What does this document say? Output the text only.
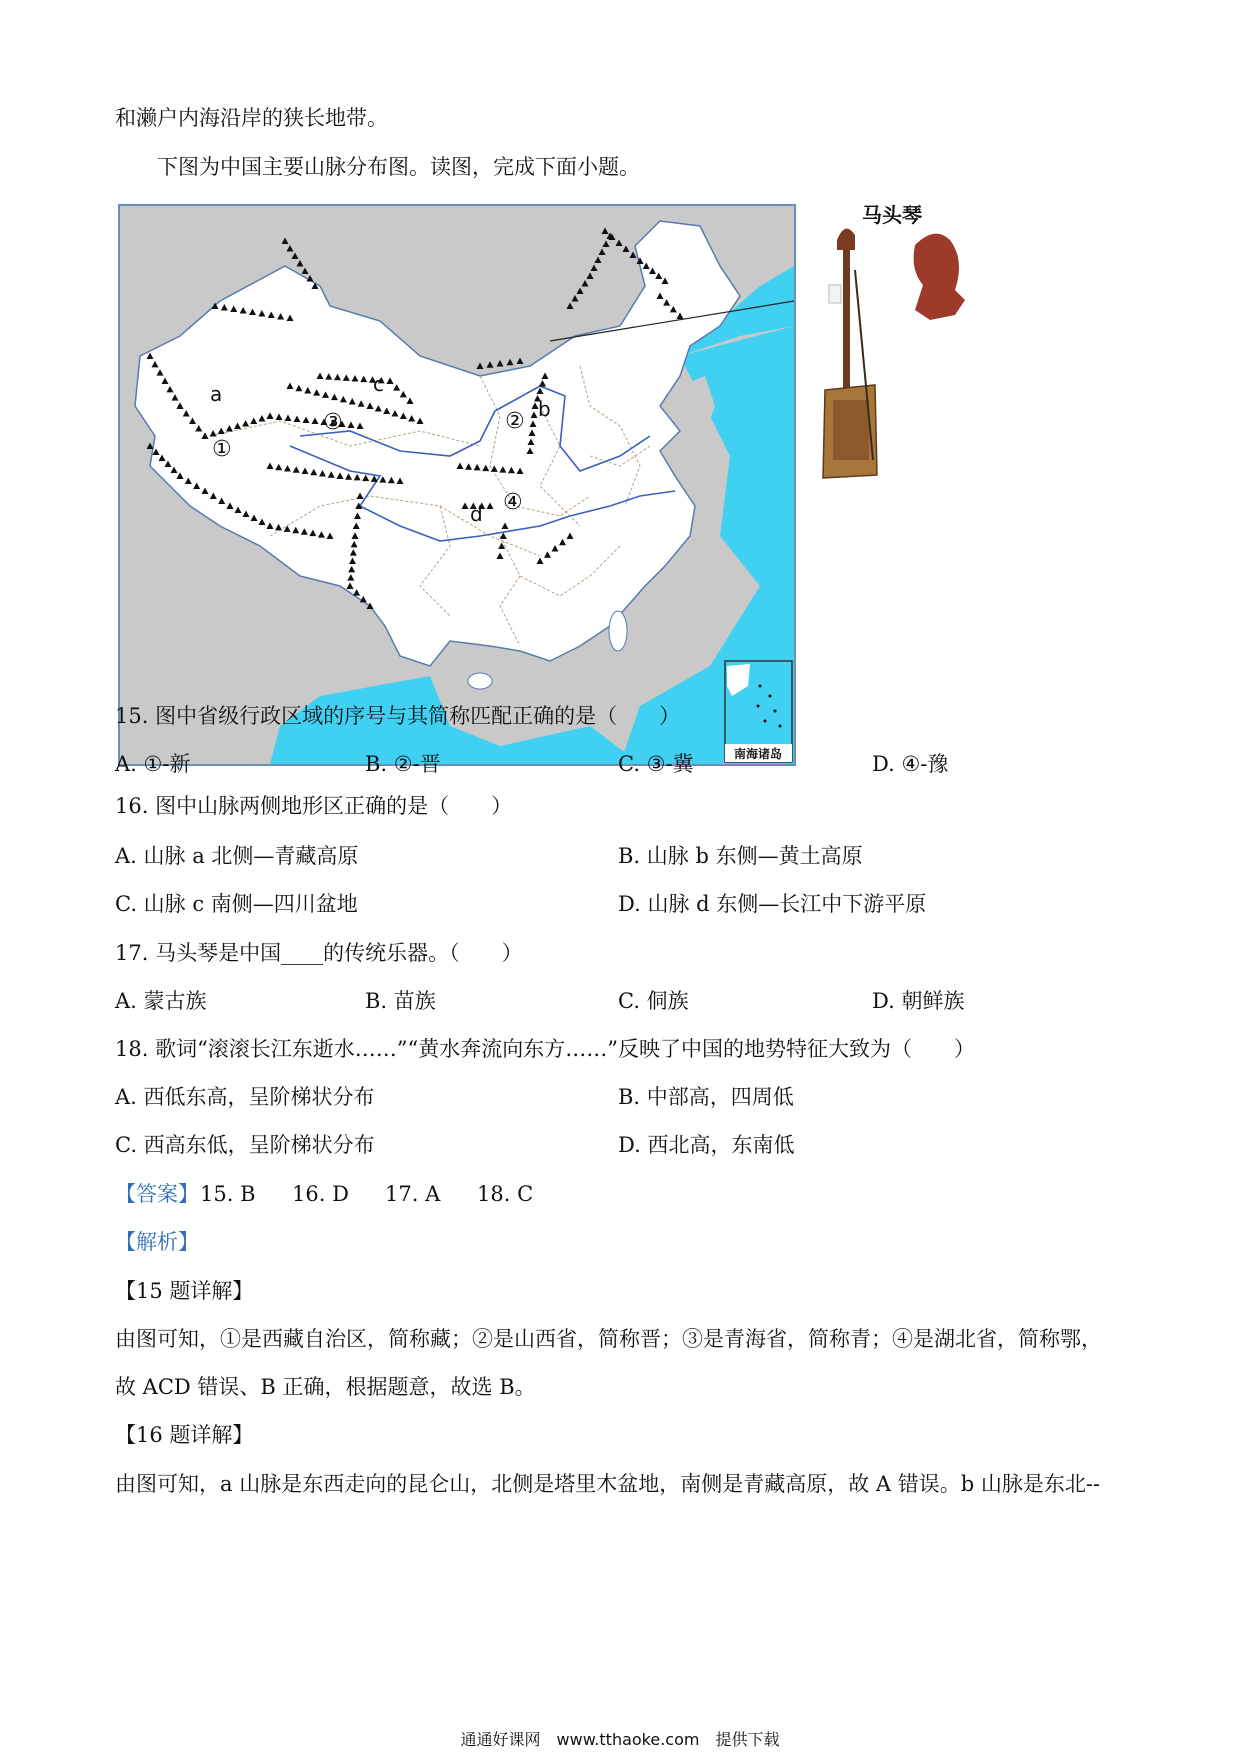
和濑户内海沿岸的狭长地带。
下图为中国主要山脉分布图。读图，完成下面小题。
a
b
c
d
①
②
③
④
南海诸岛
马头琴
15. 图中省级行政区域的序号与其简称匹配正确的是（　　）
A. ①-新	B. ②-晋	C. ③-冀	D. ④-豫
16. 图中山脉两侧地形区正确的是（　　）
A. 山脉 a 北侧—青藏高原	B. 山脉 b 东侧—黄土高原
C. 山脉 c 南侧—四川盆地	D. 山脉 d 东侧—长江中下游平原
17. 马头琴是中国____的传统乐器。（　　）
A. 蒙古族	B. 苗族	C. 侗族	D. 朝鲜族
18. 歌词“滚滚长江东逝水……”“黄水奔流向东方……”反映了中国的地势特征大致为（　　）
A. 西低东高，呈阶梯状分布	B. 中部高，四周低
C. 西高东低，呈阶梯状分布	D. 西北高，东南低
【答案】 15. B 16. D 17. A 18. C
【解析】
【15 题详解】
由图可知，①是西藏自治区，简称藏；②是山西省，简称晋；③是青海省，简称青；④是湖北省，简称鄂，
故 ACD 错误、B 正确，根据题意，故选 B。
【16 题详解】
由图可知，a 山脉是东西走向的昆仑山，北侧是塔里木盆地，南侧是青藏高原，故 A 错误。b 山脉是东北--
通通好课网　www.tthaoke.com　提供下载
